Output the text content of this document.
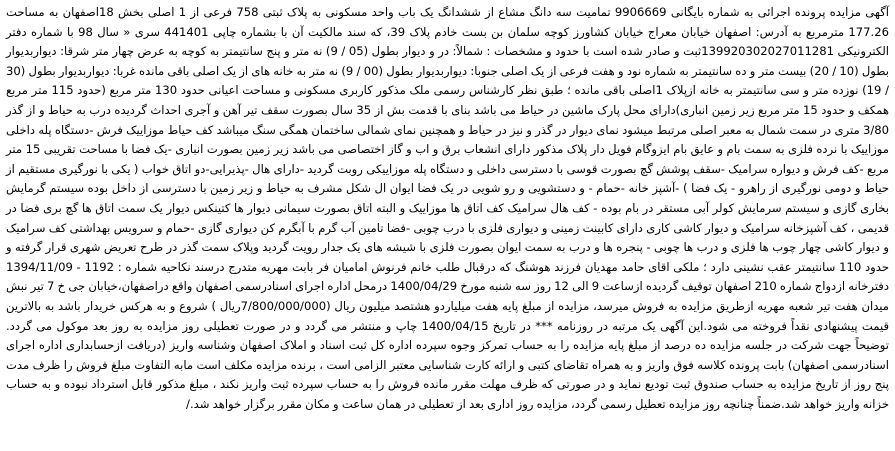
آگهی مزایده پرونده اجرائی به شماره بایگانی 9906669 تمامیت سه دانگ مشاع از ششدانگ یک باب واحد مسکونی به پلاک ثبتی 758 فرعی از 1 اصلی بخش 18اصفهان به مساحت 177.26 مترمربع به آدرس: اصفهان خیابان معراج خیابان کشاورز کوچه سلمان بن بست خادم پلاک 39، که سند مالکیت آن با بشماره چاپی 441401 سری « سال 98 با شماره دفتر الکترونیکی 139920302027011281ثبت و صادر شده است با حدود و مشخصات : شمالاً: در و دیوار بطول (05 / 9) نه متر و پنج سانتیمتر به کوچه به عرض چهار متر شرقا: دیواربدیوار بطول (10 / 20) بیست متر و ده سانتیمتر به شماره نود و هفت فرعی از یک اصلی جنوبا: دیواربدیوار بطول (00 / 9) نه متر به خانه های از یک اصلی باقی مانده غربا: دیواربدیوار بطول (30 / 19) نوزده متر و سی سانتیمتر به خانه ازپلاک 1اصلی باقی مانده ؛ طبق نظر کارشناس رسمی ملک مذکور کاربری مسکونی و مساحت اعیانی حدود 130 متر مربع (حدود 115 متر مربع همکف و حدود 15 متر مربع زیر زمین انباری)دارای محل پارک ماشین در حیاط می باشد بنای با قدمت بش از 35 سال بصورت سقف تیر آهن و آجری احداث گردیده درب به حیاط و از گذر 3/80 متری در سمت شمال به معبر اصلی مرتبط میشود نمای دیوار در گذر و نیز در حیاط و همچنین نمای شمالی ساختمان همگی سنگ میباشد کف حیاط موزاییک فرش -دستگاه پله داخلی موزاییک با نرده فلزی به سمت بام و عایق بام ایزوگام فویل دار پلاک مذکور دارای انشعاب برق و اب و گاز اختصاصی می باشد زیر زمین بصورت انباری -یک فضا با مساحت تقریبی 15 متر مربع -کف فرش و دیواره سرامیک -سقف پوشش گچ بصورت قوسی با دسترسی داخلی و دستگاه پله موزاییکی روبت گردید -دارای هال -پذیرایی-دو اتاق خواب ( یکی با نورگیری مستقیم از حیاط و دومی نورگیری از راهرو - یک فضا ) -آشپز خانه -حمام - و دستشویی و رو شویی در یک فضا ایوان ال شکل مشرف به حیاط و زیر زمین با دسترسی از داخل بوده سیستم گرمایش بخاری گازی و سیستم سرمایش کولر آبی مستقر در بام بوده - کف هال سرامیک کف اتاق ها موزاییک و البته اتاق بصورت سیمانی دیوار ها کتینکس دیوار یک سمت اتاق ها گچ بری فضا در قدیمی ، کف آشپزخانه سرامیک و دیوار کاشی کاری دارای کابینت زمینی و دیواری فلزی با درب چوبی -فضا تامین آب گرم با آبگرم کن دیواری گازی -حمام و سرویس بهداشتی کف سرامیک و دیوار کاشی چهار چوب ها فلزی و درب ها چوبی - پنجره ها و درب به سمت ایوان بصورت فلزی با شیشه های یک جدار رویت گردید وپلاک سمت گذر در طرح تعریض شهری قرار گرفته و حدود 110 سانتیمتر عقب نشینی دارد ؛ ملکی اقای حامد مهدیان فرزند هوشنگ که درقبال طلب خانم فرنوش امامیان فر بابت مهریه متدرج درسند نکاحیه شماره : 1192 - 1394/11/09 دفترخانه ازدواج شماره 210 اصفهان توقیف گردیده ازساعت 9 الی 12 روز سه شنبه مورخ 1400/04/29 درمحل اداره اجرای اسنادرسمی اصفهان واقع دراصفهان،خیابان جی خ 7 تیر نبش میدان هفت تیر شعبه مهریه ازطریق مزایده به فروش میرسد، مزایده از مبلغ پایه هفت میلیاردو هشتصد میلیون ریال (7/800/000/000ریال ) شروع و به هرکس خریدار باشد به بالاترین قیمت پیشنهادی نقداً فروخته می شود.این آگهی یک مرتبه در روزنامه *** در تاریخ 1400/04/15 چاپ و منتشر می گردد و در صورت تعطیلی روز مزایده به روز بعد موکول می گردد. توضیحاً جهت شرکت در جلسه مزایده ده درصد از مبلغ پایه مزایده را به حساب تمرکز وجوه سپرده اداره کل ثبت اسناد و املاک اصفهان وشناسه واریز (دریافت ازحسابداری اداره اجرای اسنادرسمی اصفهان) بابت پرونده کلاسه فوق واریز و به همراه تقاضای کتبی و ارائه کارت شناسایی معتبر الزامی است ، برنده مزایده مکلف است مابه التفاوت مبلغ فروش را ظرف مدت پنج روز از تاریخ مزایده به حساب صندوق ثبت تودیع نماید و در صورتی که ظرف مهلت مقرر مانده فروش را به حساب سپرده ثبت واریز نکند ، مبلغ مذکور قابل استرداد نبوده و به حساب خزانه واریز خواهد شد.ضمناً چنانچه روز مزایده تعطیل رسمی گردد، مزایده روز اداری بعد از تعطیلی در همان ساعت و مکان مقرر برگزار خواهد شد./
